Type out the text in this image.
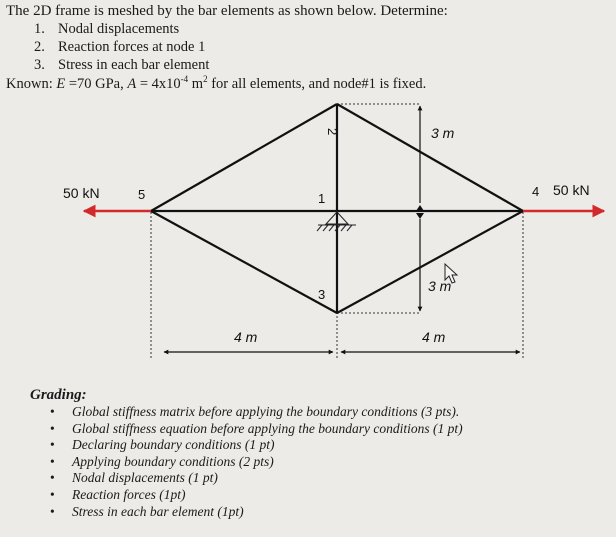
The 2D frame is meshed by the bar elements as shown below. Determine:
1. Nodal displacements
2. Reaction forces at node 1
3. Stress in each bar element
Known: E =70 GPa, $A = 4x10^{-4}$ $m^2$ for all elements, and node#1 is fixed.
50 kN	50 kN
5	4
1
3
2	3 m
3 m
4 m	4 m
Grading:
• Global stiffness matrix before applying the boundary conditions (3 pts).
• Global stiffness equation before applying the boundary conditions (1 pt)
• Declaring boundary conditions (1 pt)
• Applying boundary conditions (2 pts)
• Nodal displacements (1 pt)
• Reaction forces (1pt)
• Stress in each bar element (1pt)
